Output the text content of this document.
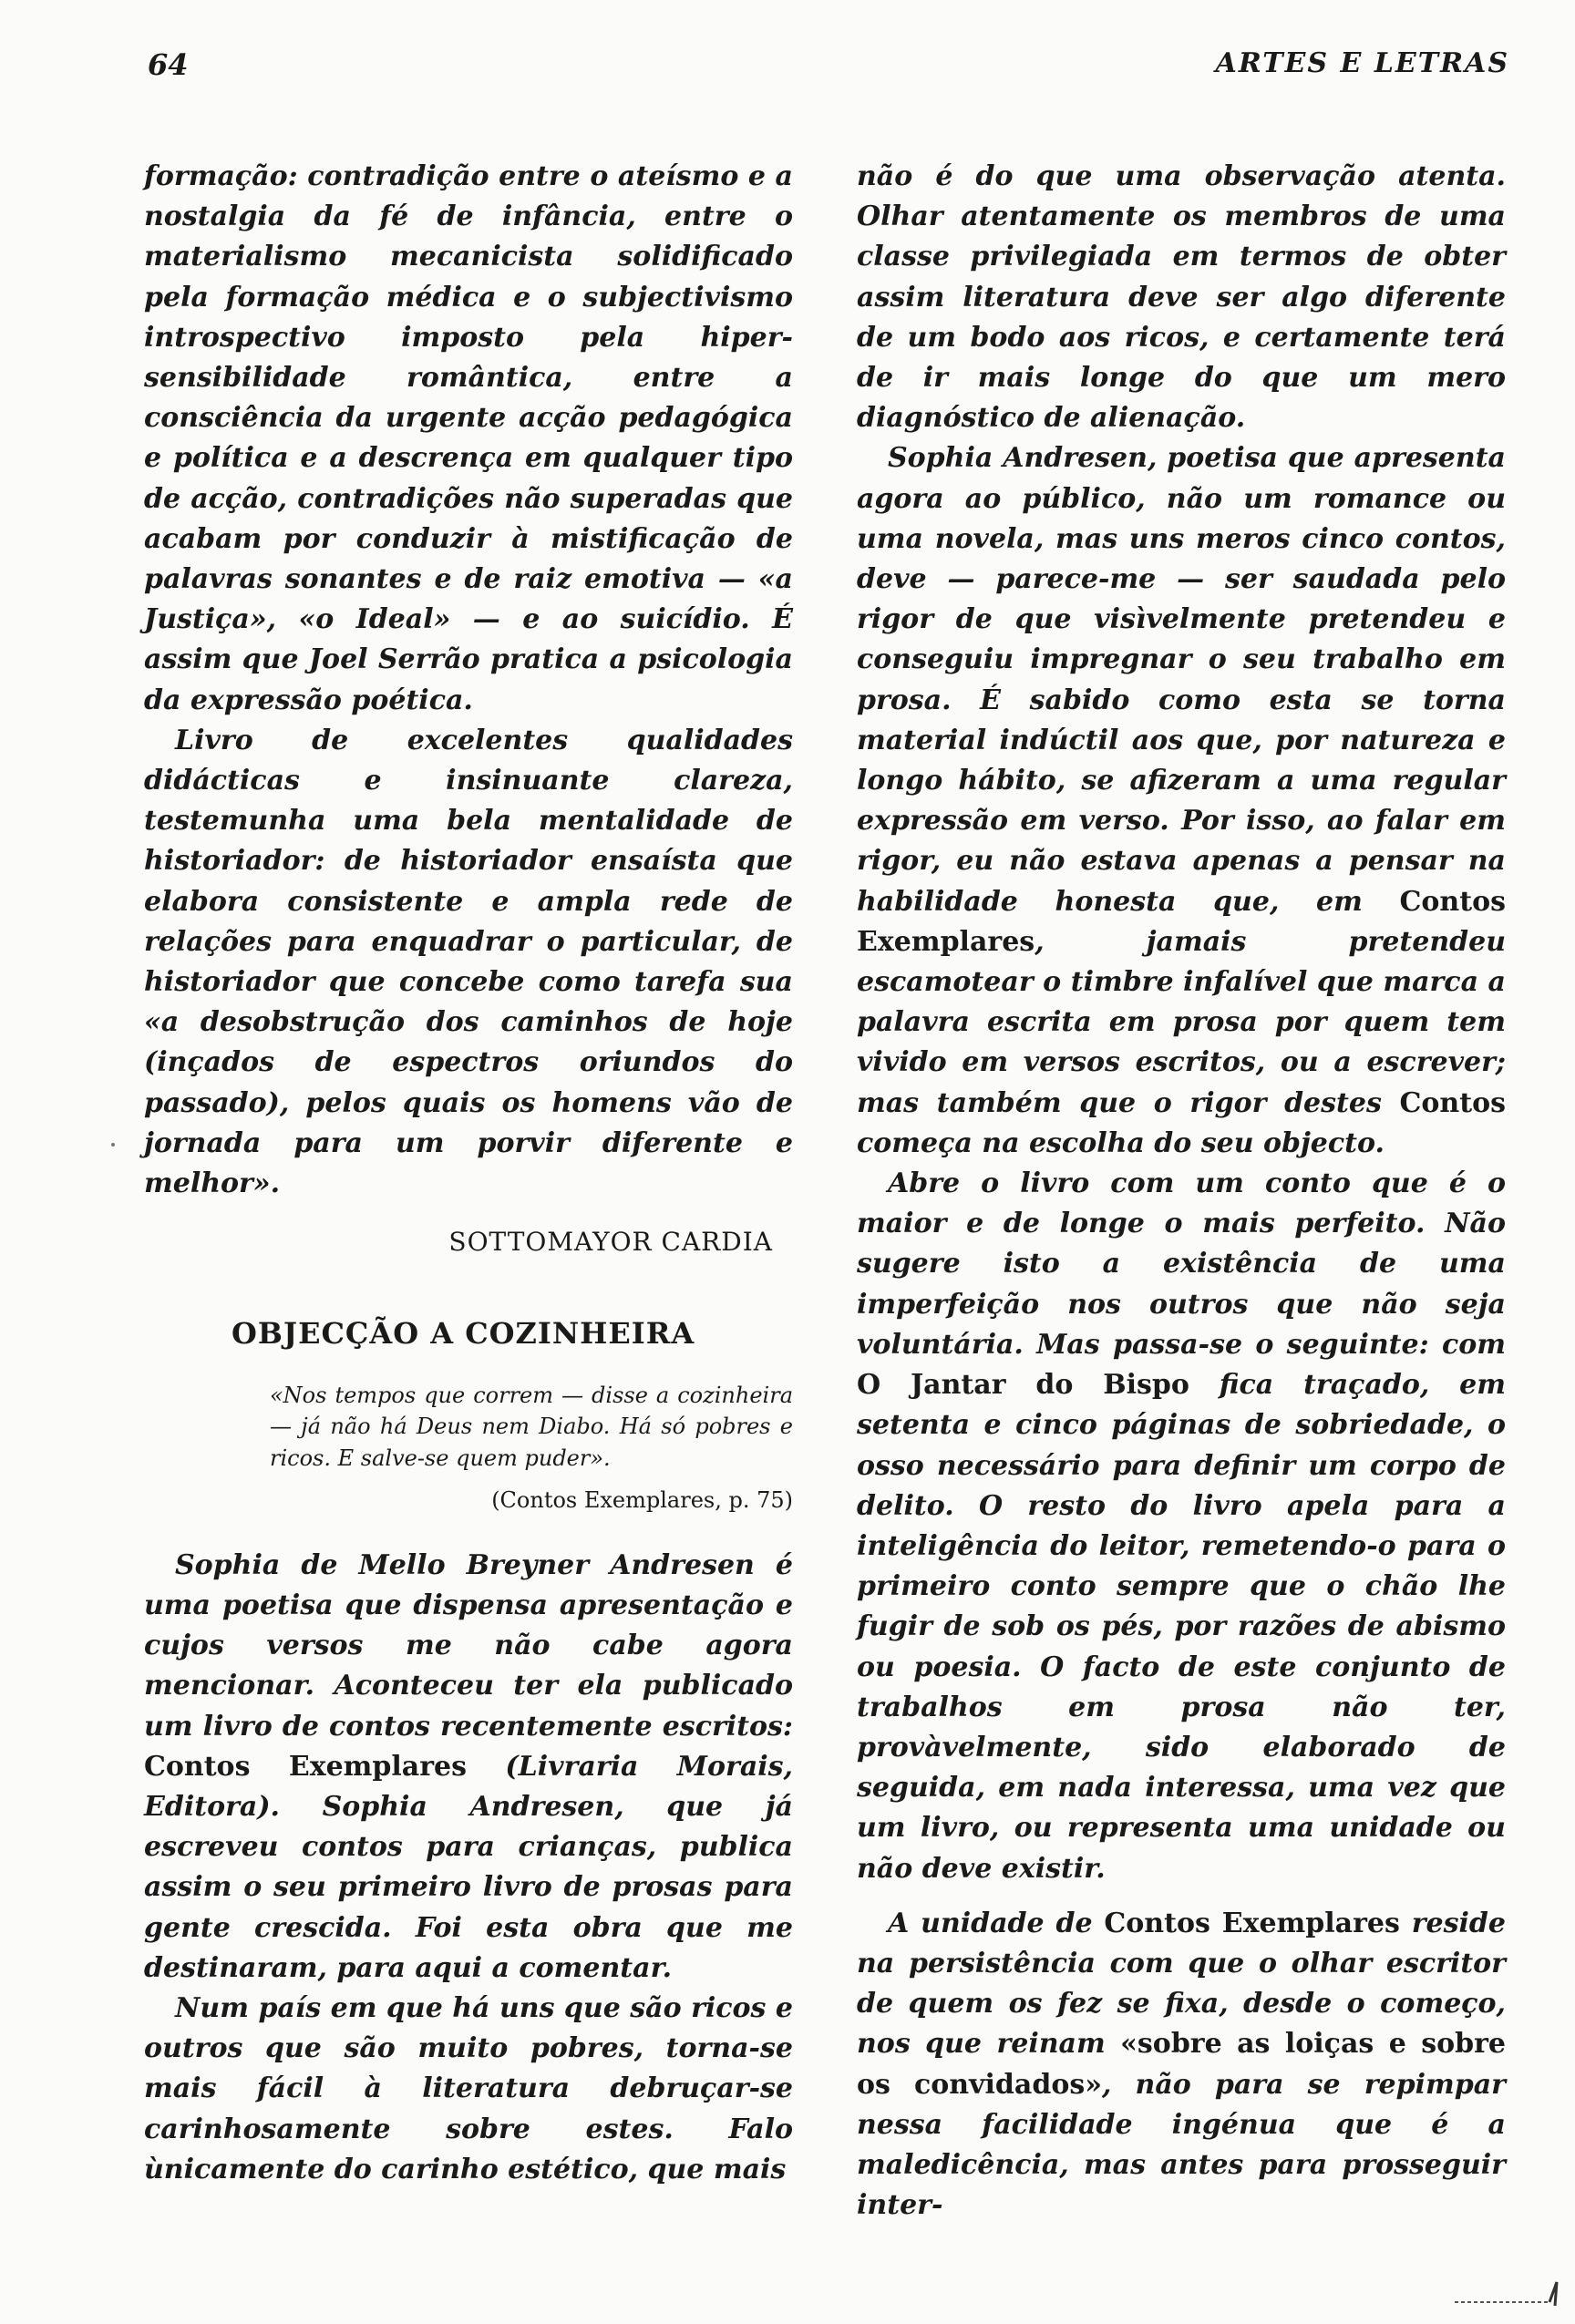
64	ARTES E LETRAS

formação: contradição entre o ateísmo e a nostalgia da fé de infância, entre o materialismo mecanicista solidificado pela formação médica e o subjectivismo introspectivo imposto pela hiper-sensibilidade romântica, entre a consciência da urgente acção pedagógica e política e a descrença em qualquer tipo de acção, contradições não superadas que acabam por conduzir à mistificação de palavras sonantes e de raiz emotiva — «a Justiça», «o Ideal» — e ao suicídio. É assim que Joel Serrão pratica a psicologia da expressão poética.

Livro de excelentes qualidades didácticas e insinuante clareza, testemunha uma bela mentalidade de historiador: de historiador ensaísta que elabora consistente e ampla rede de relações para enquadrar o particular, de historiador que concebe como tarefa sua «a desobstrução dos caminhos de hoje (inçados de espectros oriundos do passado), pelos quais os homens vão de jornada para um porvir diferente e melhor».

SOTTOMAYOR CARDIA

OBJECÇÃO A COZINHEIRA

«Nos tempos que correm — disse a cozinheira — já não há Deus nem Diabo. Há só pobres e ricos. E salve-se quem puder».

(Contos Exemplares, p. 75)

Sophia de Mello Breyner Andresen é uma poetisa que dispensa apresentação e cujos versos me não cabe agora mencionar. Aconteceu ter ela publicado um livro de contos recentemente escritos: Contos Exemplares (Livraria Morais, Editora). Sophia Andresen, que já escreveu contos para crianças, publica assim o seu primeiro livro de prosas para gente crescida. Foi esta obra que me destinaram, para aqui a comentar.

Num país em que há uns que são ricos e outros que são muito pobres, torna-se mais fácil à literatura debruçar-se carinhosamente sobre estes. Falo ùnicamente do carinho estético, que mais

não é do que uma observação atenta. Olhar atentamente os membros de uma classe privilegiada em termos de obter assim literatura deve ser algo diferente de um bodo aos ricos, e certamente terá de ir mais longe do que um mero diagnóstico de alienação.

Sophia Andresen, poetisa que apresenta agora ao público, não um romance ou uma novela, mas uns meros cinco contos, deve — parece-me — ser saudada pelo rigor de que visìvelmente pretendeu e conseguiu impregnar o seu trabalho em prosa. É sabido como esta se torna material indúctil aos que, por natureza e longo hábito, se afizeram a uma regular expressão em verso. Por isso, ao falar em rigor, eu não estava apenas a pensar na habilidade honesta que, em Contos Exemplares, jamais pretendeu escamotear o timbre infalível que marca a palavra escrita em prosa por quem tem vivido em versos escritos, ou a escrever; mas também que o rigor destes Contos começa na escolha do seu objecto.

Abre o livro com um conto que é o maior e de longe o mais perfeito. Não sugere isto a existência de uma imperfeição nos outros que não seja voluntária. Mas passa-se o seguinte: com O Jantar do Bispo fica traçado, em setenta e cinco páginas de sobriedade, o osso necessário para definir um corpo de delito. O resto do livro apela para a inteligência do leitor, remetendo-o para o primeiro conto sempre que o chão lhe fugir de sob os pés, por razões de abismo ou poesia. O facto de este conjunto de trabalhos em prosa não ter, provàvelmente, sido elaborado de seguida, em nada interessa, uma vez que um livro, ou representa uma unidade ou não deve existir.

A unidade de Contos Exemplares reside na persistência com que o olhar escritor de quem os fez se fixa, desde o começo, nos que reinam «sobre as loiças e sobre os convidados», não para se repimpar nessa facilidade ingénua que é a maledicência, mas antes para prosseguir inter-
